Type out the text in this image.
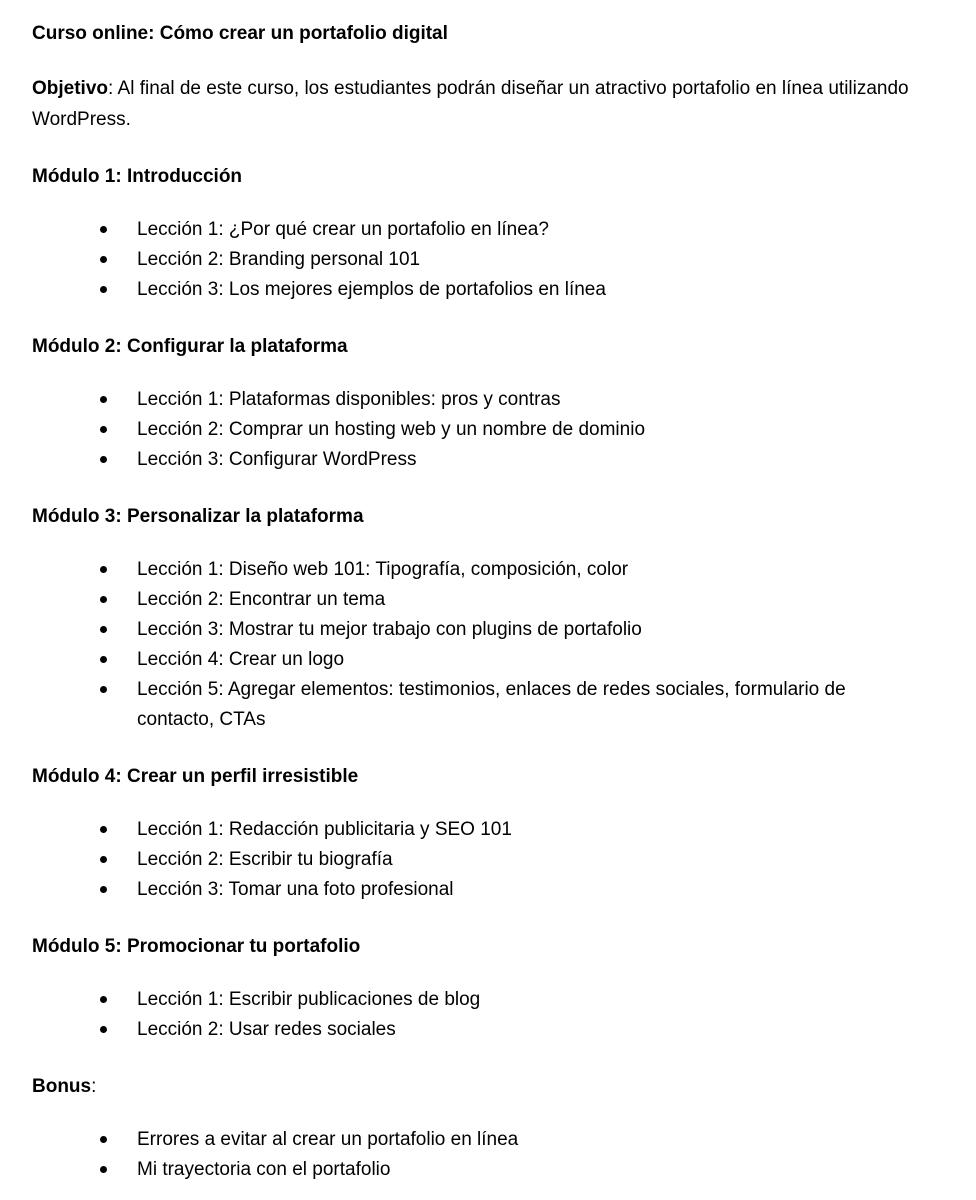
Curso online: Cómo crear un portafolio digital

Objetivo: Al final de este curso, los estudiantes podrán diseñar un atractivo portafolio en línea utilizando WordPress.

Módulo 1: Introducción
Lección 1: ¿Por qué crear un portafolio en línea?
Lección 2: Branding personal 101
Lección 3: Los mejores ejemplos de portafolios en línea
Módulo 2: Configurar la plataforma
Lección 1: Plataformas disponibles: pros y contras
Lección 2: Comprar un hosting web y un nombre de dominio
Lección 3: Configurar WordPress
Módulo 3: Personalizar la plataforma
Lección 1: Diseño web 101: Tipografía, composición, color
Lección 2: Encontrar un tema
Lección 3: Mostrar tu mejor trabajo con plugins de portafolio
Lección 4: Crear un logo
Lección 5: Agregar elementos: testimonios, enlaces de redes sociales, formulario de contacto, CTAs
Módulo 4: Crear un perfil irresistible
Lección 1: Redacción publicitaria y SEO 101
Lección 2: Escribir tu biografía
Lección 3: Tomar una foto profesional
Módulo 5: Promocionar tu portafolio
Lección 1: Escribir publicaciones de blog
Lección 2: Usar redes sociales
Bonus:
Errores a evitar al crear un portafolio en línea
Mi trayectoria con el portafolio
